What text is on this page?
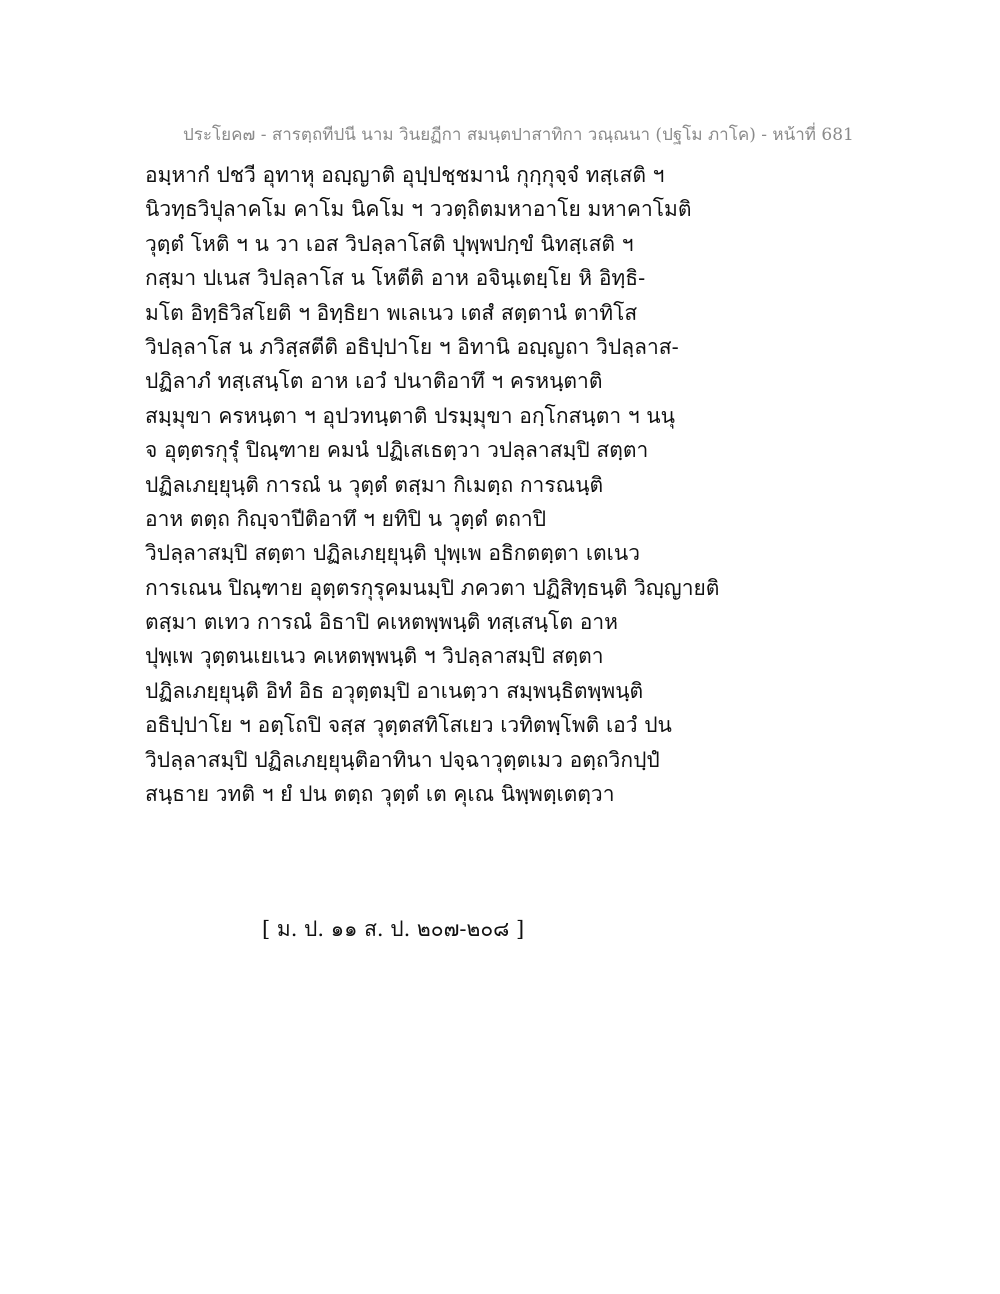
ประโยค๗ - สารตฺถทีปนี นาม วินยฏีกา สมนฺตปาสาทิกา วณฺณนา (ปฐโม ภาโค) - หน้าที่ 681
อมฺหากํ ปชวี อุทาหุ อญฺญาติ อุปฺปชฺชมานํ กุกฺกุจฺจํ ทสฺเสติ ฯ
นิวทฺธวิปุลาคโม คาโม นิคโม ฯ ววตฺถิตมหาอาโย มหาคาโมติ
วุตฺตํ โหติ ฯ น วา เอส วิปลฺลาโสติ ปุพฺพปกฺขํ นิทสฺเสติ ฯ
กสฺมา ปเนส วิปลฺลาโส น โหตีติ อาห อจินฺเตยฺโย หิ อิทฺธิ-
มโต อิทฺธิวิสโยติ ฯ อิทฺธิยา พเลเนว เตสํ สตฺตานํ ตาทิโส
วิปลฺลาโส น ภวิสฺสตีติ อธิปฺปาโย ฯ อิทานิ อญฺญถา วิปลฺลาส-
ปฏิลาภํ ทสฺเสนฺโต อาห เอวํ ปนาติอาทึ ฯ ครหนฺตาติ
สมฺมุขา ครหนฺตา ฯ อุปวทนฺตาติ ปรมฺมุขา อกฺโกสนฺตา ฯ นนุ
จ อุตฺตรกุรุํ ปิณฺฑาย คมนํ ปฏิเสเธตฺวา วปลฺลาสมฺปิ สตฺตา
ปฏิลเภยฺยุนฺติ การณํ น วุตฺตํ ตสฺมา กิเมตฺถ การณนฺติ
อาห ตตฺถ กิญฺจาปีติอาทึ ฯ ยทิปิ น วุตฺตํ ตถาปิ
วิปลฺลาสมฺปิ สตฺตา ปฏิลเภยฺยุนฺติ ปุพฺเพ อธิกตตฺตา เตเนว
การเณน ปิณฺฑาย อุตฺตรกุรุคมนมฺปิ ภควตา ปฏิสิทฺธนฺติ วิญฺญายติ
ตสฺมา ตเทว การณํ อิธาปิ คเหตพฺพนฺติ ทสฺเสนฺโต อาห
ปุพฺเพ วุตฺตนเยเนว คเหตพฺพนฺติ ฯ วิปลฺลาสมฺปิ สตฺตา
ปฏิลเภยฺยุนฺติ อิทํ อิธ อวุตฺตมฺปิ อาเนตฺวา สมฺพนฺธิตพฺพนฺติ
อธิปฺปาโย ฯ อตฺโถปิ จสฺส วุตฺตสทิโสเยว เวทิตพฺโพติ เอวํ ปน
วิปลฺลาสมฺปิ ปฏิลเภยฺยุนฺติอาทินา ปจฺฉาวุตฺตเมว อตฺถวิกปฺปํ
สนฺธาย วทติ ฯ ยํ ปน ตตฺถ วุตฺตํ เต คุเณ นิพฺพตฺเตตฺวา
[ ม. ป. ๑๑ ส. ป. ๒๐๗-๒๐๘ ]
